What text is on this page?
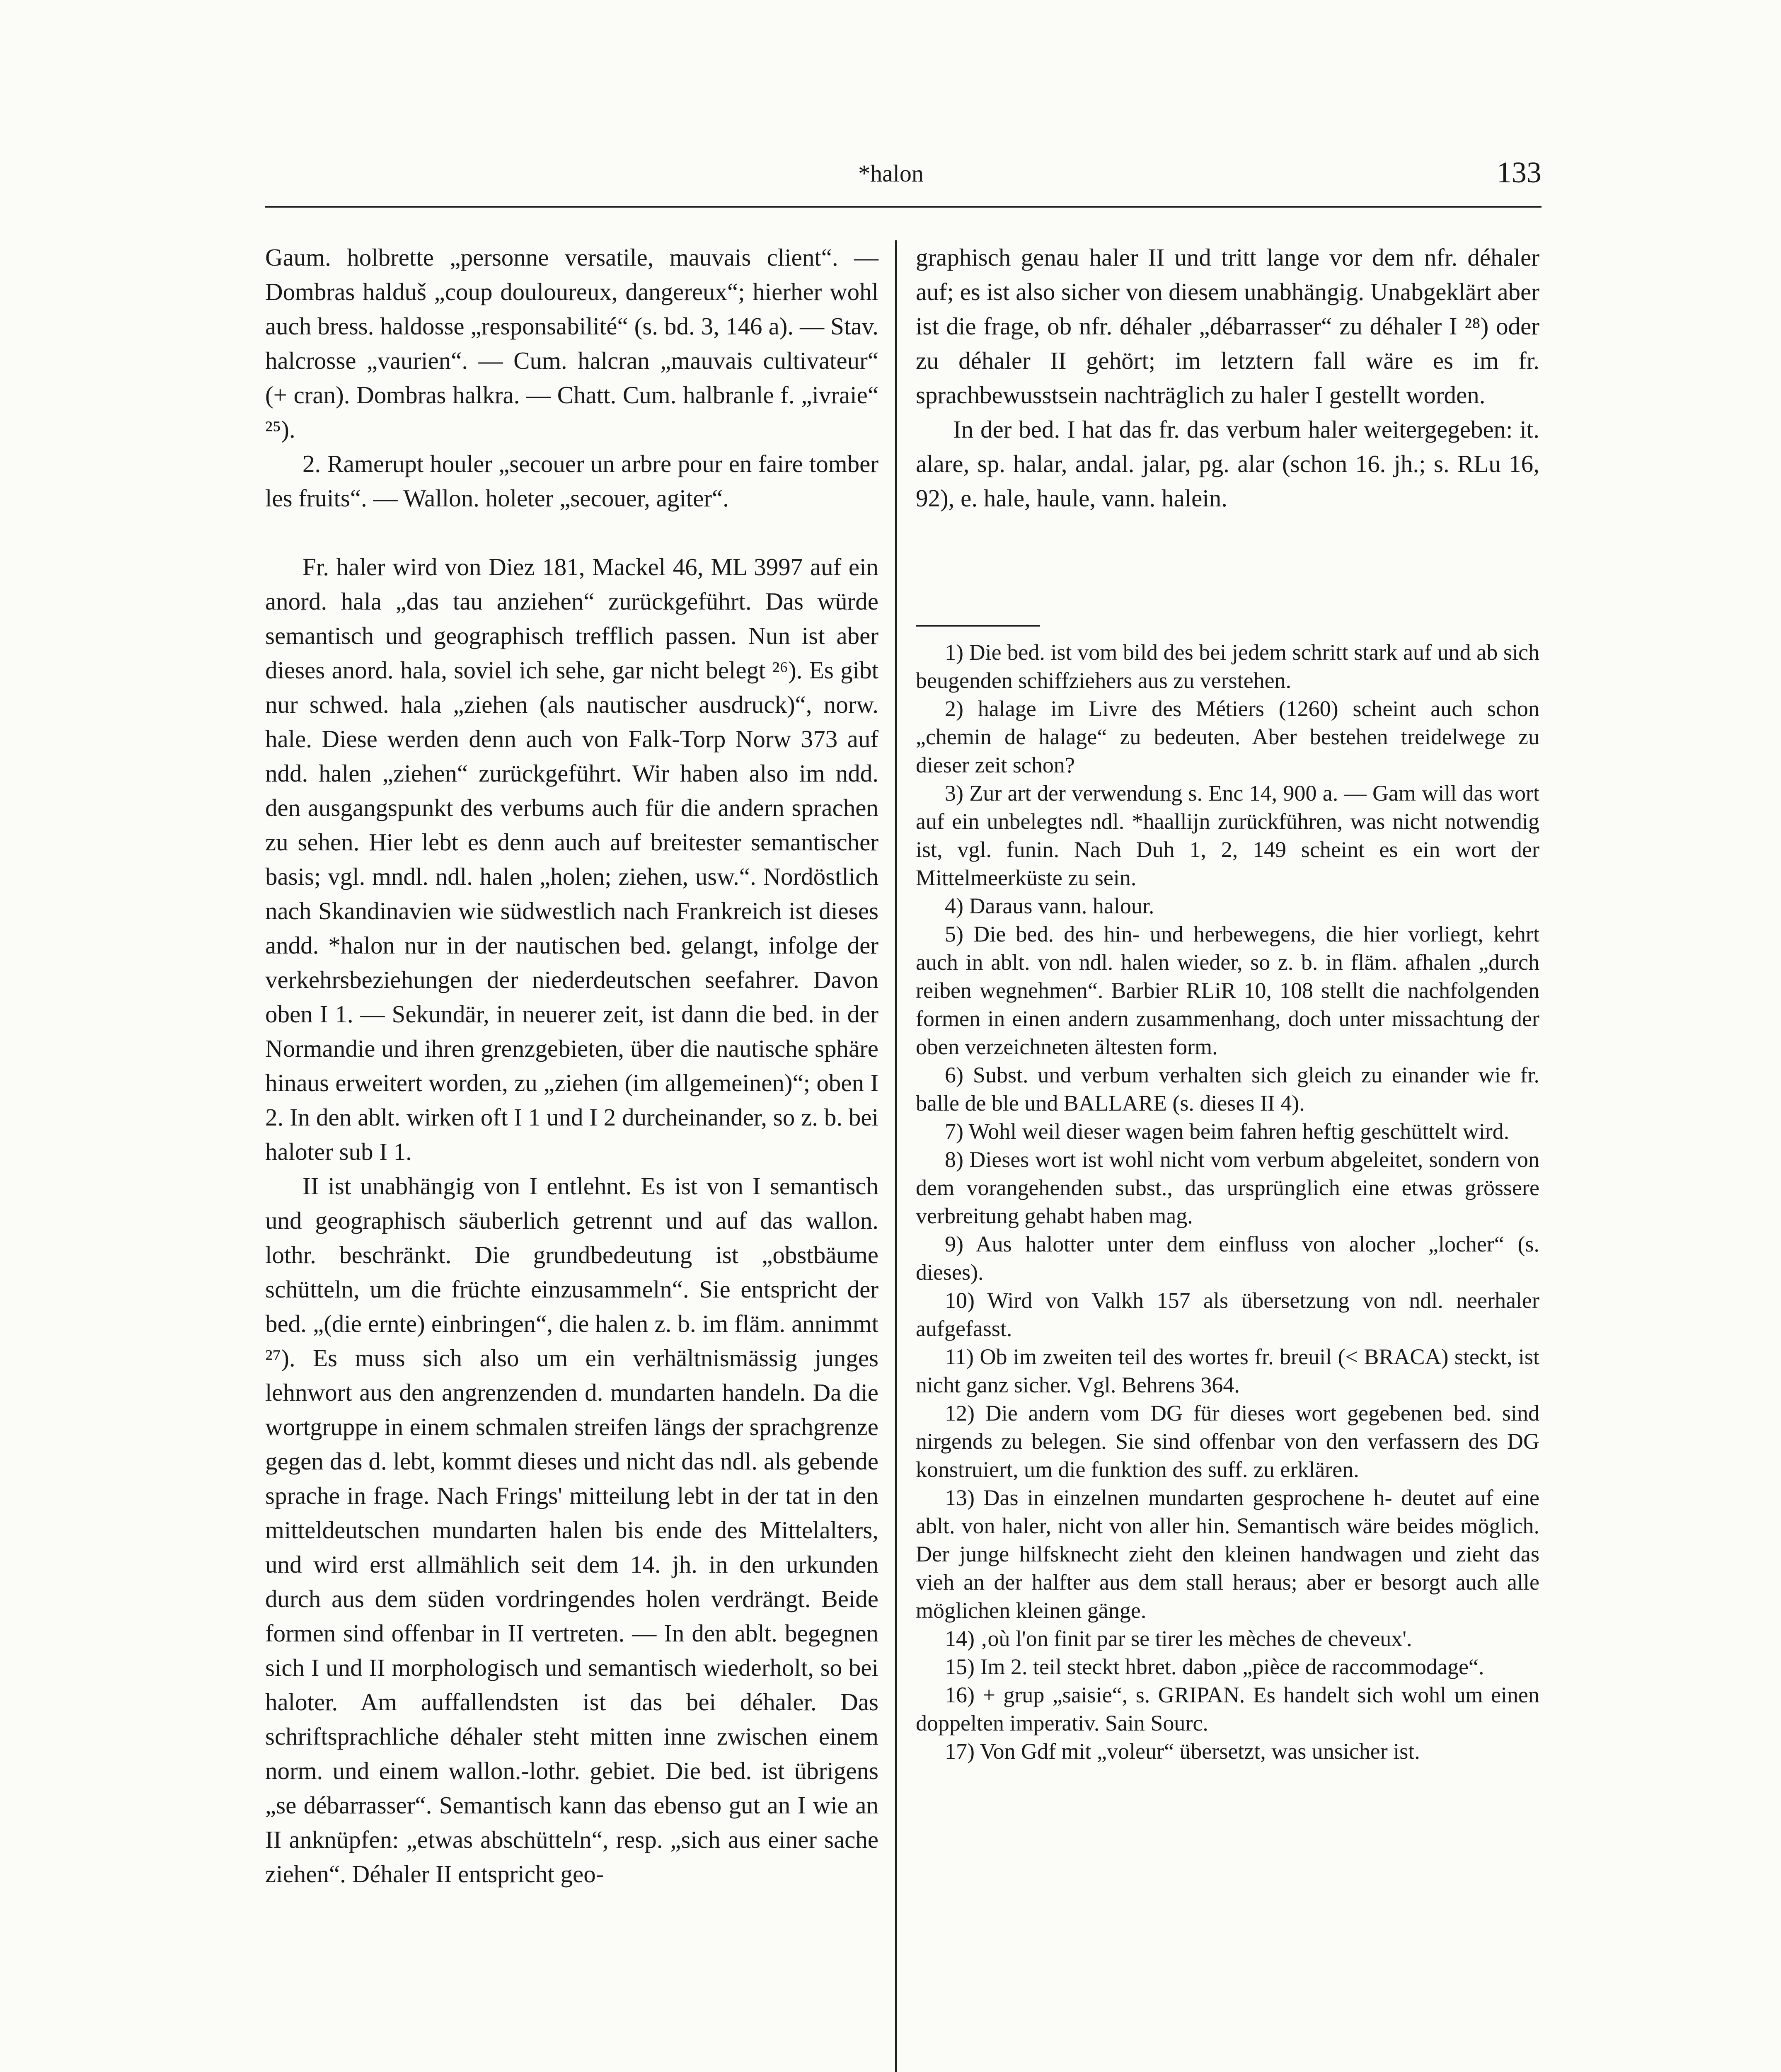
*halon	133

Gaum. holbrette „personne versatile, mauvais client“. — Dombras halduš „coup douloureux, dangereux“; hierher wohl auch bress. haldosse „responsabilité“ (s. bd. 3, 146 a). — Stav. halcrosse „vaurien“. — Cum. halcran „mauvais cultivateur“ (+ cran). Dombras halkra. — Chatt. Cum. halbranle f. „ivraie“ ²⁵).

2. Ramerupt houler „secouer un arbre pour en faire tomber les fruits“. — Wallon. holeter „secouer, agiter“.

Fr. haler wird von Diez 181, Mackel 46, ML 3997 auf ein anord. hala „das tau anziehen“ zurückgeführt. Das würde semantisch und geographisch trefflich passen. Nun ist aber dieses anord. hala, soviel ich sehe, gar nicht belegt ²⁶). Es gibt nur schwed. hala „ziehen (als nautischer ausdruck)“, norw. hale. Diese werden denn auch von Falk-Torp Norw 373 auf ndd. halen „ziehen“ zurückgeführt. Wir haben also im ndd. den ausgangspunkt des verbums auch für die andern sprachen zu sehen. Hier lebt es denn auch auf breitester semantischer basis; vgl. mndl. ndl. halen „holen; ziehen, usw.“. Nordöstlich nach Skandinavien wie südwestlich nach Frankreich ist dieses andd. *halon nur in der nautischen bed. gelangt, infolge der verkehrsbeziehungen der niederdeutschen seefahrer. Davon oben I 1. — Sekundär, in neuerer zeit, ist dann die bed. in der Normandie und ihren grenzgebieten, über die nautische sphäre hinaus erweitert worden, zu „ziehen (im allgemeinen)“; oben I 2. In den ablt. wirken oft I 1 und I 2 durcheinander, so z. b. bei haloter sub I 1.

II ist unabhängig von I entlehnt. Es ist von I semantisch und geographisch säuberlich getrennt und auf das wallon. lothr. beschränkt. Die grundbedeutung ist „obstbäume schütteln, um die früchte einzusammeln“. Sie entspricht der bed. „(die ernte) einbringen“, die halen z. b. im fläm. annimmt ²⁷). Es muss sich also um ein verhältnismässig junges lehnwort aus den angrenzenden d. mundarten handeln. Da die wortgruppe in einem schmalen streifen längs der sprachgrenze gegen das d. lebt, kommt dieses und nicht das ndl. als gebende sprache in frage. Nach Frings' mitteilung lebt in der tat in den mitteldeutschen mundarten halen bis ende des Mittelalters, und wird erst allmählich seit dem 14. jh. in den urkunden durch aus dem süden vordringendes holen verdrängt. Beide formen sind offenbar in II vertreten. — In den ablt. begegnen sich I und II morphologisch und semantisch wiederholt, so bei haloter. Am auffallendsten ist das bei déhaler. Das schriftsprachliche déhaler steht mitten inne zwischen einem norm. und einem wallon.-lothr. gebiet. Die bed. ist übrigens „se débarrasser“. Semantisch kann das ebenso gut an I wie an II anknüpfen: „etwas abschütteln“, resp. „sich aus einer sache ziehen“. Déhaler II entspricht geo-

graphisch genau haler II und tritt lange vor dem nfr. déhaler auf; es ist also sicher von diesem unabhängig. Unabgeklärt aber ist die frage, ob nfr. déhaler „débarrasser“ zu déhaler I ²⁸) oder zu déhaler II gehört; im letztern fall wäre es im fr. sprachbewusstsein nachträglich zu haler I gestellt worden.

In der bed. I hat das fr. das verbum haler weitergegeben: it. alare, sp. halar, andal. jalar, pg. alar (schon 16. jh.; s. RLu 16, 92), e. hale, haule, vann. halein.

1) Die bed. ist vom bild des bei jedem schritt stark auf und ab sich beugenden schiffziehers aus zu verstehen.

2) halage im Livre des Métiers (1260) scheint auch schon „chemin de halage“ zu bedeuten. Aber bestehen treidelwege zu dieser zeit schon?

3) Zur art der verwendung s. Enc 14, 900 a. — Gam will das wort auf ein unbelegtes ndl. *haallijn zurückführen, was nicht notwendig ist, vgl. funin. Nach Duh 1, 2, 149 scheint es ein wort der Mittelmeerküste zu sein.

4) Daraus vann. halour.

5) Die bed. des hin- und herbewegens, die hier vorliegt, kehrt auch in ablt. von ndl. halen wieder, so z. b. in fläm. afhalen „durch reiben wegnehmen“. Barbier RLiR 10, 108 stellt die nachfolgenden formen in einen andern zusammenhang, doch unter missachtung der oben verzeichneten ältesten form.

6) Subst. und verbum verhalten sich gleich zu einander wie fr. balle de ble und BALLARE (s. dieses II 4).

7) Wohl weil dieser wagen beim fahren heftig geschüttelt wird.

8) Dieses wort ist wohl nicht vom verbum abgeleitet, sondern von dem vorangehenden subst., das ursprünglich eine etwas grössere verbreitung gehabt haben mag.

9) Aus halotter unter dem einfluss von alocher „locher“ (s. dieses).

10) Wird von Valkh 157 als übersetzung von ndl. neerhaler aufgefasst.

11) Ob im zweiten teil des wortes fr. breuil (< BRACA) steckt, ist nicht ganz sicher. Vgl. Behrens 364.

12) Die andern vom DG für dieses wort gegebenen bed. sind nirgends zu belegen. Sie sind offenbar von den verfassern des DG konstruiert, um die funktion des suff. zu erklären.

13) Das in einzelnen mundarten gesprochene h- deutet auf eine ablt. von haler, nicht von aller hin. Semantisch wäre beides möglich. Der junge hilfsknecht zieht den kleinen handwagen und zieht das vieh an der halfter aus dem stall heraus; aber er besorgt auch alle möglichen kleinen gänge.

14) ‚où l'on finit par se tirer les mèches de cheveux'.

15) Im 2. teil steckt hbret. dabon „pièce de raccommodage“.

16) + grup „saisie“, s. GRIPAN. Es handelt sich wohl um einen doppelten imperativ. Sain Sourc.

17) Von Gdf mit „voleur“ übersetzt, was unsicher ist.
